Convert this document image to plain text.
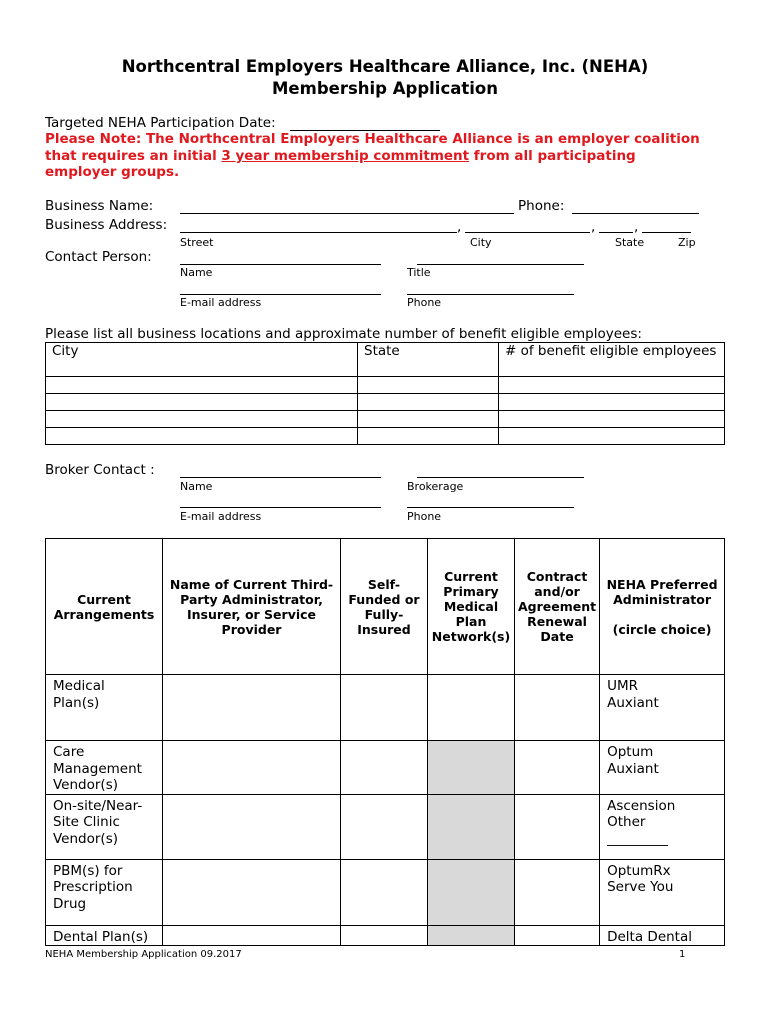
Northcentral Employers Healthcare Alliance, Inc. (NEHA)
Membership Application
Targeted NEHA Participation Date:
Please Note: The Northcentral Employers Healthcare Alliance is an employer coalition
that requires an initial 3 year membership commitment from all participating
employer groups.
Business Name:	Phone:
Business Address:	,	,	,
Street	City	State	Zip
Contact Person:
Name	Title
E-mail address	Phone
Please list all business locations and approximate number of benefit eligible employees:
City	State	# of benefit eligible employees

Broker Contact :
Name	Brokerage
E-mail address	Phone
Current Arrangements	Name of Current Third-Party Administrator, Insurer, or Service Provider	Self-Funded or Fully-Insured	Current Primary Medical Plan Network(s)	Contract and/or Agreement Renewal Date	NEHA Preferred Administrator
(circle choice)

Medical Plan(s)					UMR
Auxiant

Care Management Vendor(s)					Optum
Auxiant

On-site/Near-Site Clinic Vendor(s)					Ascension
Other
_________

PBM(s) for Prescription Drug					OptumRx
Serve You

Dental Plan(s)					Delta Dental
NEHA Membership Application 09.2017	1
